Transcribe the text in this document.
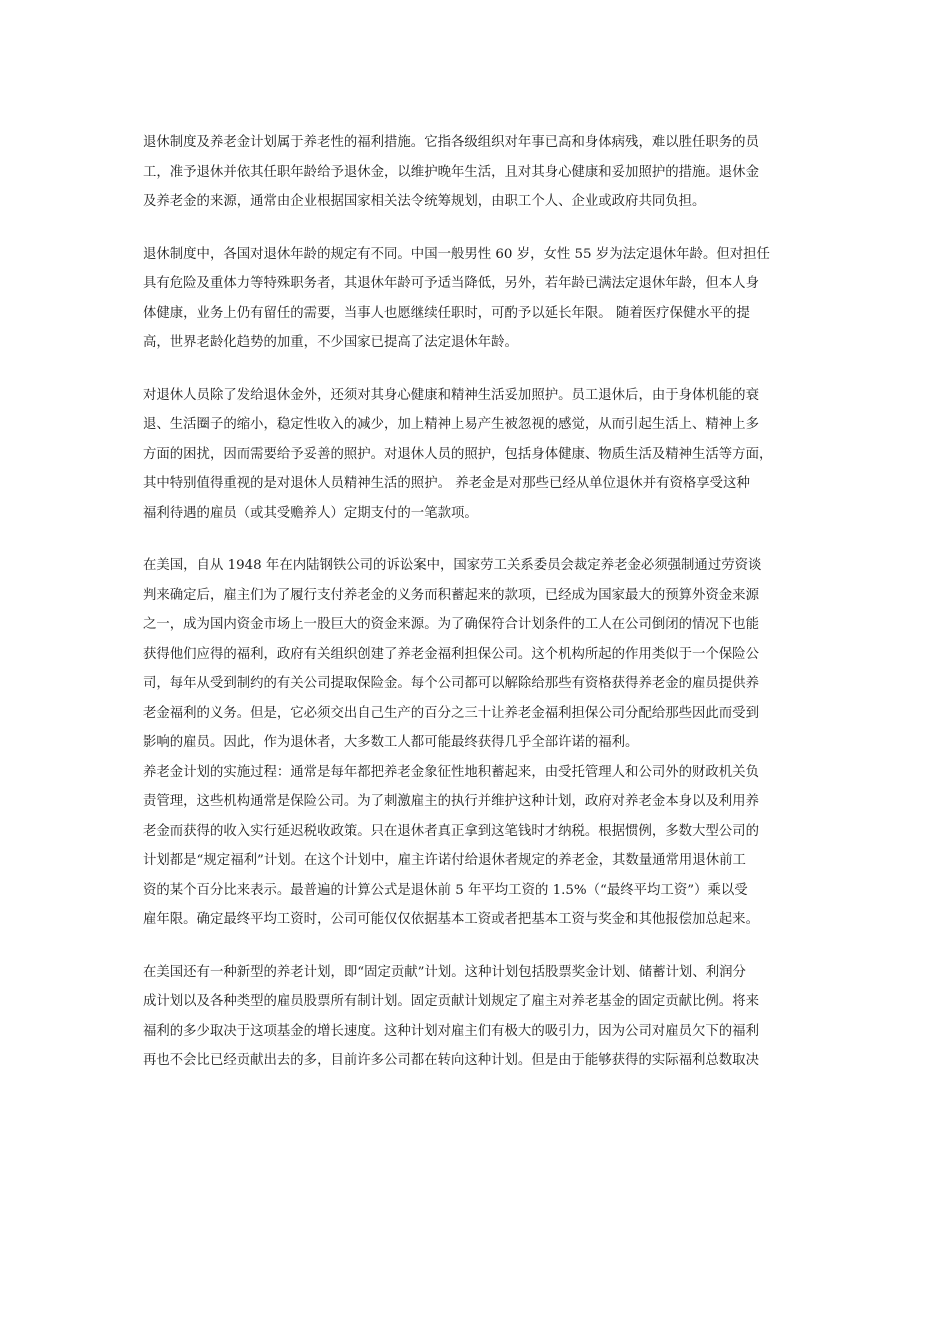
退休制度及养老金计划属于养老性的福利措施。它指各级组织对年事已高和身体病残，难以胜任职务的员
工，准予退休并依其任职年龄给予退休金，以维护晚年生活，且对其身心健康和妥加照护的措施。退休金
及养老金的来源，通常由企业根据国家相关法令统筹规划，由职工个人、企业或政府共同负担。
退休制度中，各国对退休年龄的规定有不同。中国一般男性 60 岁，女性 55 岁为法定退休年龄。但对担任
具有危险及重体力等特殊职务者，其退休年龄可予适当降低，另外，若年龄已满法定退休年龄，但本人身
体健康，业务上仍有留任的需要，当事人也愿继续任职时，可酌予以延长年限。 随着医疗保健水平的提
高，世界老龄化趋势的加重，不少国家已提高了法定退休年龄。
对退休人员除了发给退休金外，还须对其身心健康和精神生活妥加照护。员工退休后，由于身体机能的衰
退、生活圈子的缩小，稳定性收入的减少，加上精神上易产生被忽视的感觉，从而引起生活上、精神上多
方面的困扰，因而需要给予妥善的照护。对退休人员的照护，包括身体健康、物质生活及精神生活等方面，
其中特别值得重视的是对退休人员精神生活的照护。 养老金是对那些已经从单位退休并有资格享受这种
福利待遇的雇员（或其受赡养人）定期支付的一笔款项。
在美国，自从 1948 年在内陆钢铁公司的诉讼案中，国家劳工关系委员会裁定养老金必须强制通过劳资谈
判来确定后，雇主们为了履行支付养老金的义务而积蓄起来的款项，已经成为国家最大的预算外资金来源
之一，成为国内资金市场上一股巨大的资金来源。为了确保符合计划条件的工人在公司倒闭的情况下也能
获得他们应得的福利，政府有关组织创建了养老金福利担保公司。这个机构所起的作用类似于一个保险公
司，每年从受到制约的有关公司提取保险金。每个公司都可以解除给那些有资格获得养老金的雇员提供养
老金福利的义务。但是，它必须交出自己生产的百分之三十让养老金福利担保公司分配给那些因此而受到
影响的雇员。因此，作为退休者，大多数工人都可能最终获得几乎全部许诺的福利。
养老金计划的实施过程：通常是每年都把养老金象征性地积蓄起来，由受托管理人和公司外的财政机关负
责管理，这些机构通常是保险公司。为了刺激雇主的执行并维护这种计划，政府对养老金本身以及利用养
老金而获得的收入实行延迟税收政策。只在退休者真正拿到这笔钱时才纳税。根据惯例，多数大型公司的
计划都是“规定福利”计划。在这个计划中，雇主许诺付给退休者规定的养老金，其数量通常用退休前工
资的某个百分比来表示。最普遍的计算公式是退休前 5 年平均工资的 1.5%（“最终平均工资”）乘以受
雇年限。确定最终平均工资时，公司可能仅仅依据基本工资或者把基本工资与奖金和其他报偿加总起来。
在美国还有一种新型的养老计划，即“固定贡献”计划。这种计划包括股票奖金计划、储蓄计划、利润分
成计划以及各种类型的雇员股票所有制计划。固定贡献计划规定了雇主对养老基金的固定贡献比例。将来
福利的多少取决于这项基金的增长速度。这种计划对雇主们有极大的吸引力，因为公司对雇员欠下的福利
再也不会比已经贡献出去的多，目前许多公司都在转向这种计划。但是由于能够获得的实际福利总数取决
